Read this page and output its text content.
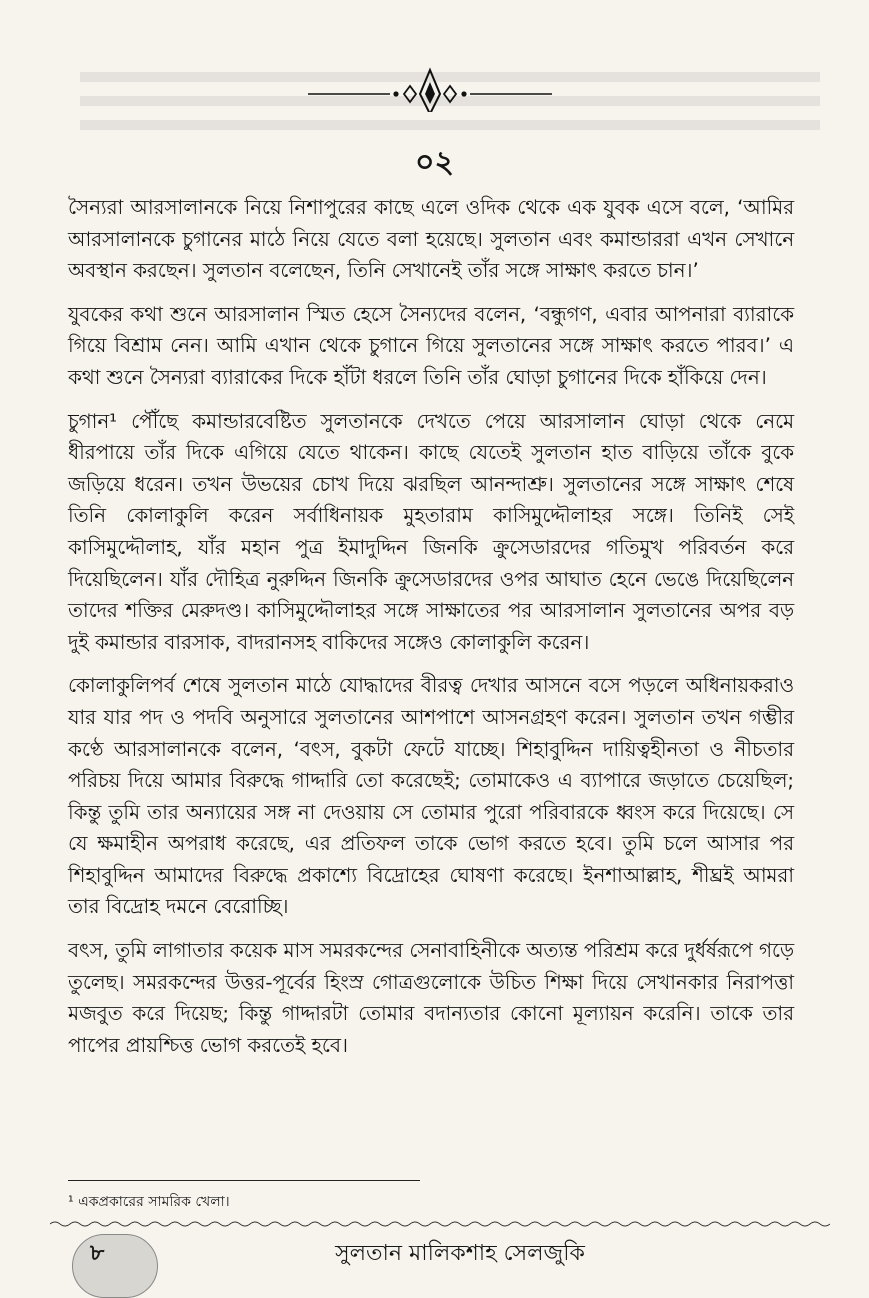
০২

সৈন্যরা আরসালানকে নিয়ে নিশাপুরের কাছে এলে ওদিক থেকে এক যুবক এসে বলে, ‘আমির আরসালানকে চুগানের মাঠে নিয়ে যেতে বলা হয়েছে। সুলতান এবং কমান্ডাররা এখন সেখানে অবস্থান করছেন। সুলতান বলেছেন, তিনি সেখানেই তাঁর সঙ্গে সাক্ষাৎ করতে চান।’

যুবকের কথা শুনে আরসালান স্মিত হেসে সৈন্যদের বলেন, ‘বন্ধুগণ, এবার আপনারা ব্যারাকে গিয়ে বিশ্রাম নেন। আমি এখান থেকে চুগানে গিয়ে সুলতানের সঙ্গে সাক্ষাৎ করতে পারব।’ এ কথা শুনে সৈন্যরা ব্যারাকের দিকে হাঁটা ধরলে তিনি তাঁর ঘোড়া চুগানের দিকে হাঁকিয়ে দেন।

চুগান¹ পৌঁছে কমান্ডারবেষ্টিত সুলতানকে দেখতে পেয়ে আরসালান ঘোড়া থেকে নেমে ধীরপায়ে তাঁর দিকে এগিয়ে যেতে থাকেন। কাছে যেতেই সুলতান হাত বাড়িয়ে তাঁকে বুকে জড়িয়ে ধরেন। তখন উভয়ের চোখ দিয়ে ঝরছিল আনন্দাশ্রু। সুলতানের সঙ্গে সাক্ষাৎ শেষে তিনি কোলাকুলি করেন সর্বাধিনায়ক মুহতারাম কাসিমুদ্দৌলাহর সঙ্গে। তিনিই সেই কাসিমুদ্দৌলাহ, যাঁর মহান পুত্র ইমাদুদ্দিন জিনকি ক্রুসেডারদের গতিমুখ পরিবর্তন করে দিয়েছিলেন। যাঁর দৌহিত্র নুরুদ্দিন জিনকি ক্রুসেডারদের ওপর আঘাত হেনে ভেঙে দিয়েছিলেন তাদের শক্তির মেরুদণ্ড। কাসিমুদ্দৌলাহর সঙ্গে সাক্ষাতের পর আরসালান সুলতানের অপর বড় দুই কমান্ডার বারসাক, বাদরানসহ বাকিদের সঙ্গেও কোলাকুলি করেন।

কোলাকুলিপর্ব শেষে সুলতান মাঠে যোদ্ধাদের বীরত্ব দেখার আসনে বসে পড়লে অধিনায়করাও যার যার পদ ও পদবি অনুসারে সুলতানের আশপাশে আসনগ্রহণ করেন। সুলতান তখন গম্ভীর কণ্ঠে আরসালানকে বলেন, ‘বৎস, বুকটা ফেটে যাচ্ছে। শিহাবুদ্দিন দায়িত্বহীনতা ও নীচতার পরিচয় দিয়ে আমার বিরুদ্ধে গাদ্দারি তো করেছেই; তোমাকেও এ ব্যাপারে জড়াতে চেয়েছিল; কিন্তু তুমি তার অন্যায়ের সঙ্গ না দেওয়ায় সে তোমার পুরো পরিবারকে ধ্বংস করে দিয়েছে। সে যে ক্ষমাহীন অপরাধ করেছে, এর প্রতিফল তাকে ভোগ করতে হবে। তুমি চলে আসার পর শিহাবুদ্দিন আমাদের বিরুদ্ধে প্রকাশ্যে বিদ্রোহের ঘোষণা করেছে। ইনশাআল্লাহ, শীঘ্রই আমরা তার বিদ্রোহ দমনে বেরোচ্ছি।

বৎস, তুমি লাগাতার কয়েক মাস সমরকন্দের সেনাবাহিনীকে অত্যন্ত পরিশ্রম করে দুর্ধর্ষরূপে গড়ে তুলেছ। সমরকন্দের উত্তর-পূর্বের হিংস্র গোত্রগুলোকে উচিত শিক্ষা দিয়ে সেখানকার নিরাপত্তা মজবুত করে দিয়েছ; কিন্তু গাদ্দারটা তোমার বদান্যতার কোনো মূল্যায়ন করেনি। তাকে তার পাপের প্রায়শ্চিত্ত ভোগ করতেই হবে।

¹ একপ্রকারের সামরিক খেলা।
৮	সুলতান মালিকশাহ সেলজুকি
